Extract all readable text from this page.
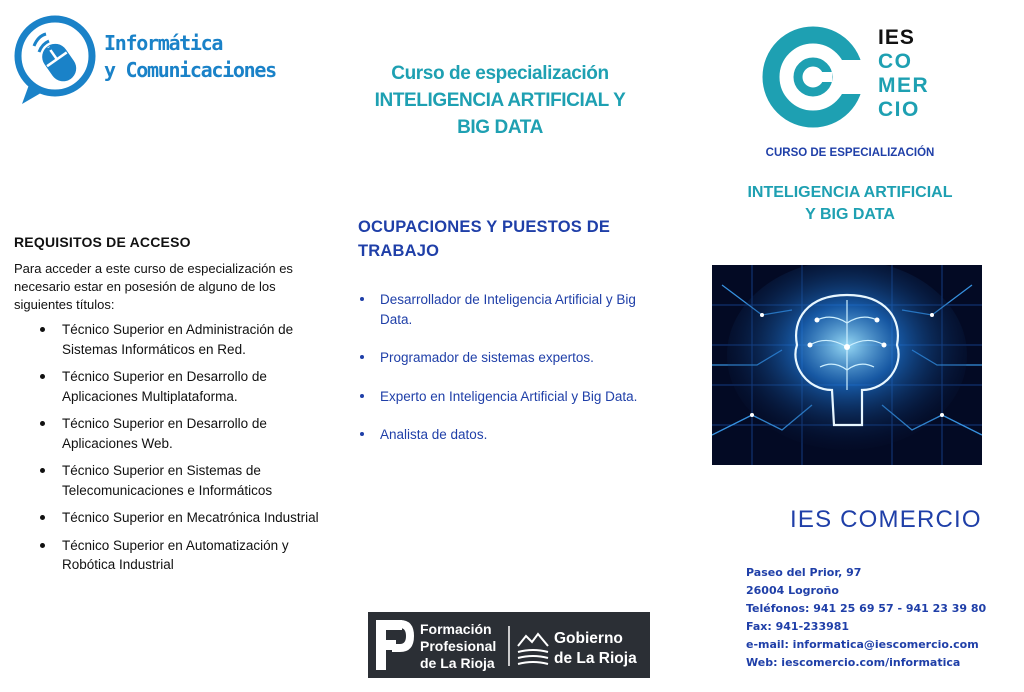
Informática
y Comunicaciones
REQUISITOS DE ACCESO
Para acceder a este curso de especialización es necesario estar en posesión de alguno de los siguientes títulos:
Técnico Superior en Administración de Sistemas Informáticos en Red.
Técnico Superior en Desarrollo de Aplicaciones Multiplataforma.
Técnico Superior en Desarrollo de Aplicaciones Web.
Técnico Superior en Sistemas de Telecomunicaciones e Informáticos
Técnico Superior en Mecatrónica Industrial
Técnico Superior en Automatización y Robótica Industrial
Curso de especialización
INTELIGENCIA ARTIFICIAL Y
BIG DATA
OCUPACIONES Y PUESTOS DE TRABAJO
Desarrollador de Inteligencia Artificial y Big Data.
Programador de sistemas expertos.
Experto en Inteligencia Artificial y Big Data.
Analista de datos.
Formación
Profesional
de La Rioja
Gobierno
de La Rioja
IES
CO
MER
CIO
CURSO DE ESPECIALIZACIÓN
INTELIGENCIA ARTIFICIAL
Y BIG DATA
IES COMERCIO
Paseo del Prior, 97
26004 Logroño
Teléfonos: 941 25 69 57 - 941 23 39 80
Fax: 941-233981
e-mail: informatica@iescomercio.com
Web: iescomercio.com/informatica
